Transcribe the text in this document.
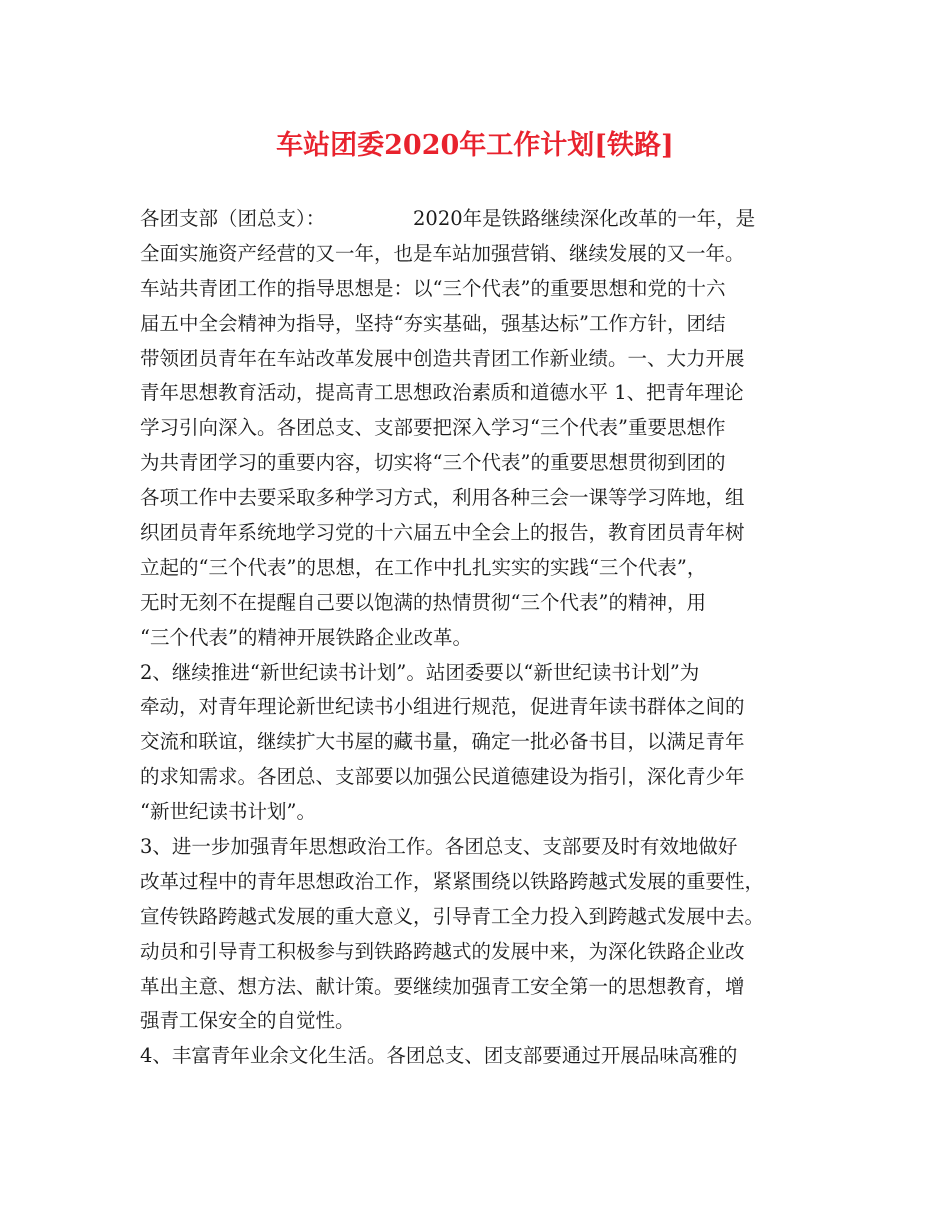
车站团委2020年工作计划[铁路]
各团支部（团总支）：　　　　　2020年是铁路继续深化改革的一年，是
全面实施资产经营的又一年，也是车站加强营销、继续发展的又一年。
车站共青团工作的指导思想是：以“三个代表”的重要思想和党的十六
届五中全会精神为指导，坚持“夯实基础，强基达标”工作方针，团结
带领团员青年在车站改革发展中创造共青团工作新业绩。一、大力开展
青年思想教育活动，提高青工思想政治素质和道德水平 1、把青年理论
学习引向深入。各团总支、支部要把深入学习“三个代表”重要思想作
为共青团学习的重要内容，切实将“三个代表”的重要思想贯彻到团的
各项工作中去要采取多种学习方式，利用各种三会一课等学习阵地，组
织团员青年系统地学习党的十六届五中全会上的报告，教育团员青年树
立起的“三个代表”的思想，在工作中扎扎实实的实践“三个代表”，
无时无刻不在提醒自己要以饱满的热情贯彻“三个代表”的精神，用
“三个代表”的精神开展铁路企业改革。
2、继续推进“新世纪读书计划”。站团委要以“新世纪读书计划”为
牵动，对青年理论新世纪读书小组进行规范，促进青年读书群体之间的
交流和联谊，继续扩大书屋的藏书量，确定一批必备书目，以满足青年
的求知需求。各团总、支部要以加强公民道德建设为指引，深化青少年
“新世纪读书计划”。
3、进一步加强青年思想政治工作。各团总支、支部要及时有效地做好
改革过程中的青年思想政治工作，紧紧围绕以铁路跨越式发展的重要性，
宣传铁路跨越式发展的重大意义，引导青工全力投入到跨越式发展中去。
动员和引导青工积极参与到铁路跨越式的发展中来，为深化铁路企业改
革出主意、想方法、献计策。要继续加强青工安全第一的思想教育，增
强青工保安全的自觉性。
4、丰富青年业余文化生活。各团总支、团支部要通过开展品味高雅的
